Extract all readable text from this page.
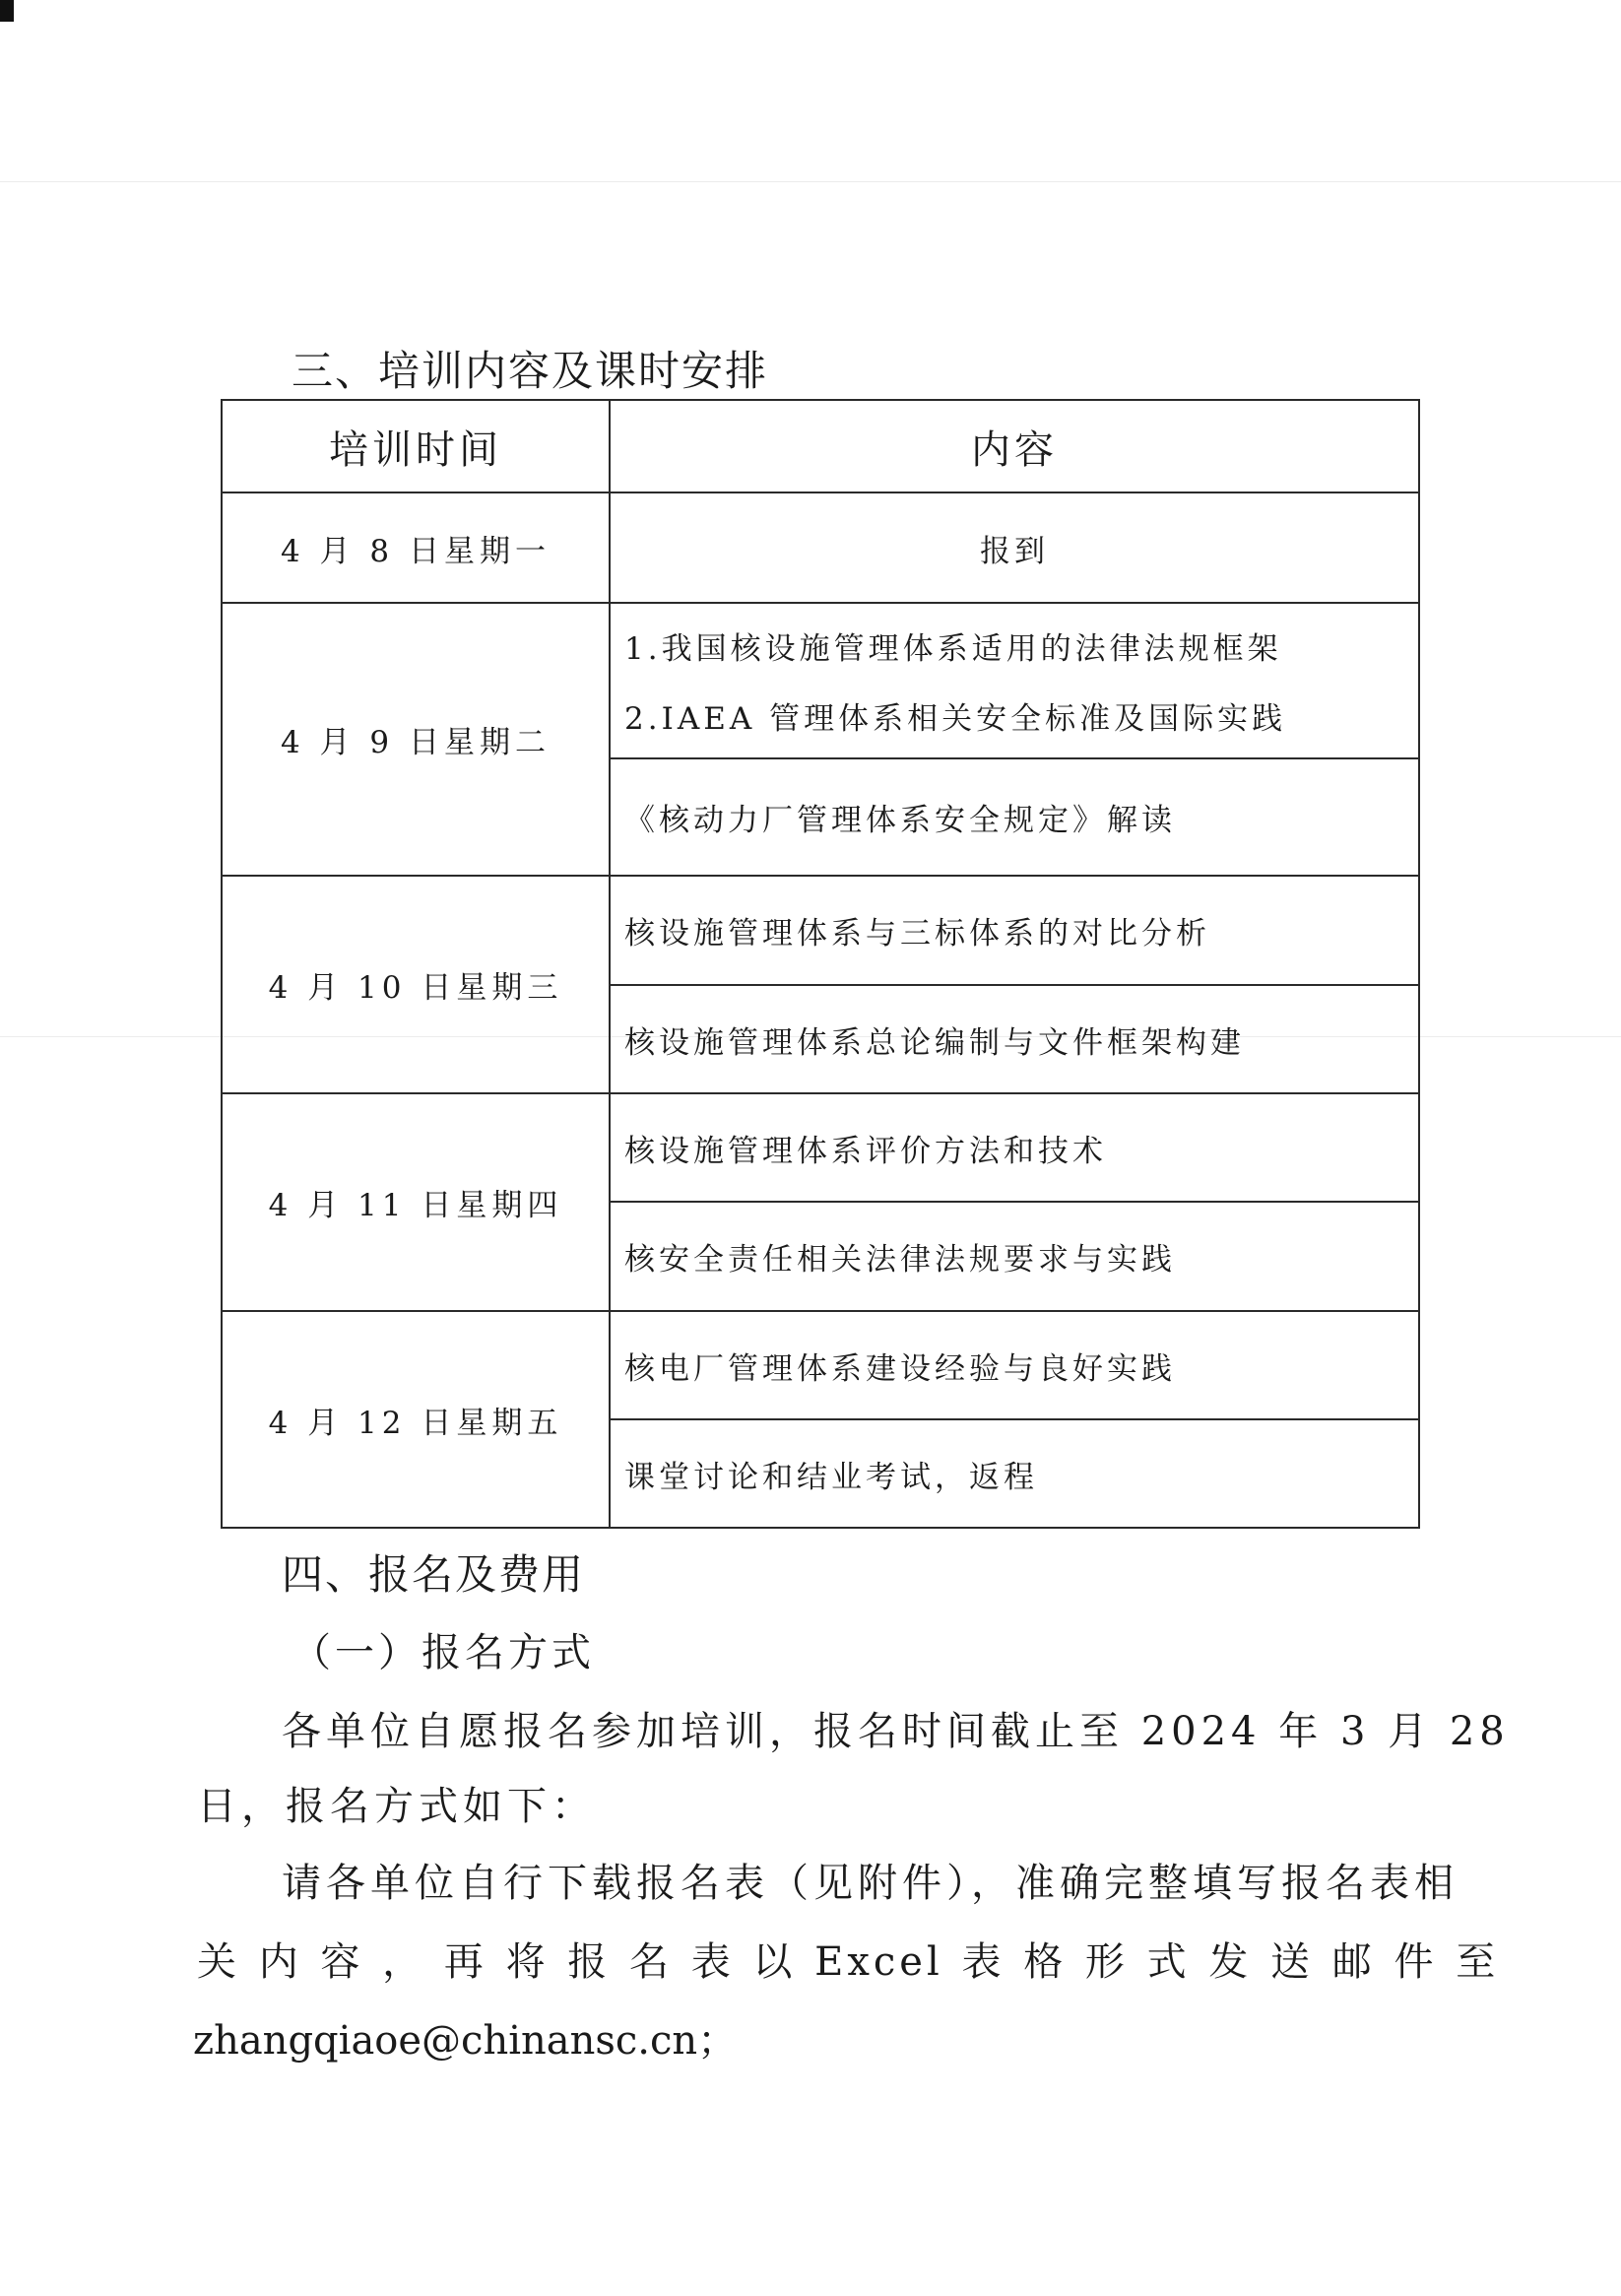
三、培训内容及课时安排
培训时间	内容
4 月 8 日星期一	报到
4 月 9 日星期二	1.我国核设施管理体系适用的法律法规框架
2.IAEA 管理体系相关安全标准及国际实践

	《核动力厂管理体系安全规定》解读
4 月 10 日星期三	核设施管理体系与三标体系的对比分析
	核设施管理体系总论编制与文件框架构建
4 月 11 日星期四	核设施管理体系评价方法和技术
	核安全责任相关法律法规要求与实践
4 月 12 日星期五	核电厂管理体系建设经验与良好实践
	课堂讨论和结业考试，返程
四、报名及费用
（一）报名方式
各单位自愿报名参加培训，报名时间截止至 2024 年 3 月 28
日，报名方式如下：
请各单位自行下载报名表（见附件），准确完整填写报名表相
关 内 容 ， 再 将 报 名 表 以 Excel 表 格 形 式 发 送 邮 件 至
zhangqiaoe@chinansc.cn；
